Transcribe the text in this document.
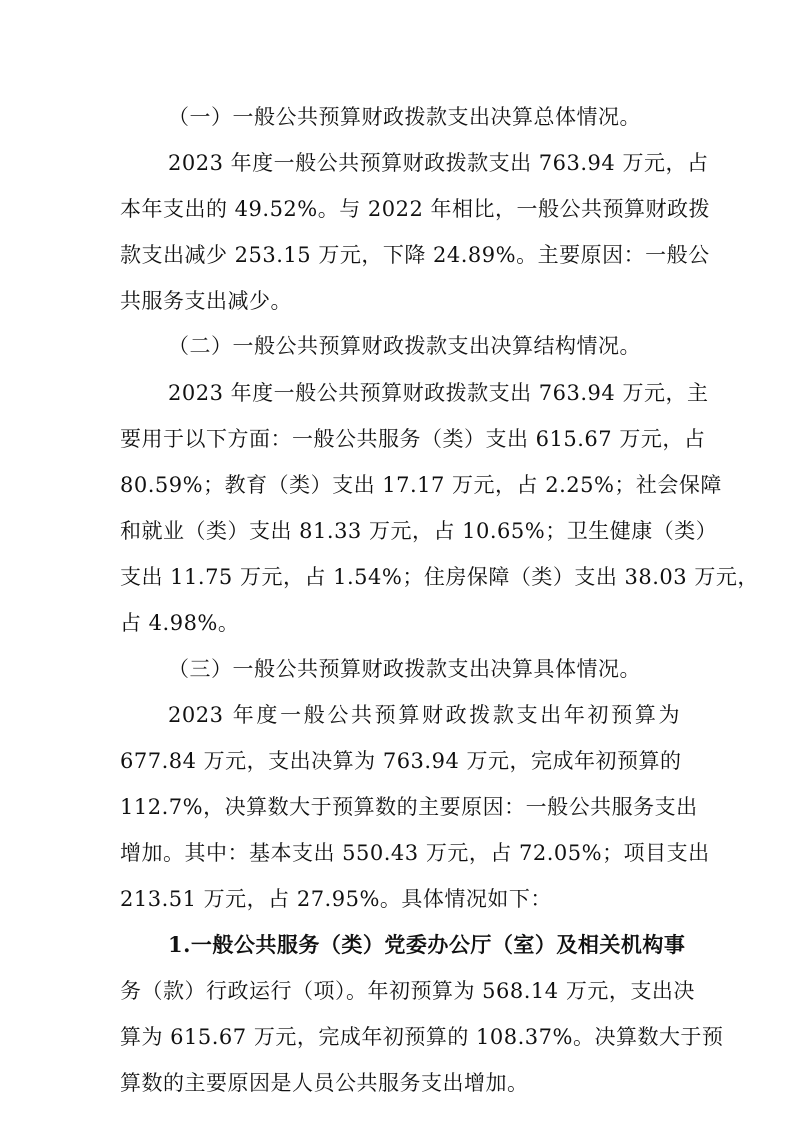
（一）一般公共预算财政拨款支出决算总体情况。
2023 年度一般公共预算财政拨款支出 763.94 万元，占
本年支出的 49.52%。与 2022 年相比，一般公共预算财政拨
款支出减少 253.15 万元，下降 24.89%。主要原因：一般公
共服务支出减少。
（二）一般公共预算财政拨款支出决算结构情况。
2023 年度一般公共预算财政拨款支出 763.94 万元，主
要用于以下方面：一般公共服务（类）支出 615.67 万元，占
80.59%；教育（类）支出 17.17 万元，占 2.25%；社会保障
和就业（类）支出 81.33 万元，占 10.65%；卫生健康（类）
支出 11.75 万元，占 1.54%；住房保障（类）支出 38.03 万元，
占 4.98%。
（三）一般公共预算财政拨款支出决算具体情况。
2023 年度一般公共预算财政拨款支出年初预算为
677.84 万元，支出决算为 763.94 万元，完成年初预算的
112.7%，决算数大于预算数的主要原因：一般公共服务支出
增加。其中：基本支出 550.43 万元，占 72.05%；项目支出
213.51 万元，占 27.95%。具体情况如下：
1.一般公共服务（类）党委办公厅（室）及相关机构事
务（款）行政运行（项）。年初预算为 568.14 万元，支出决
算为 615.67 万元，完成年初预算的 108.37%。决算数大于预
算数的主要原因是人员公共服务支出增加。
